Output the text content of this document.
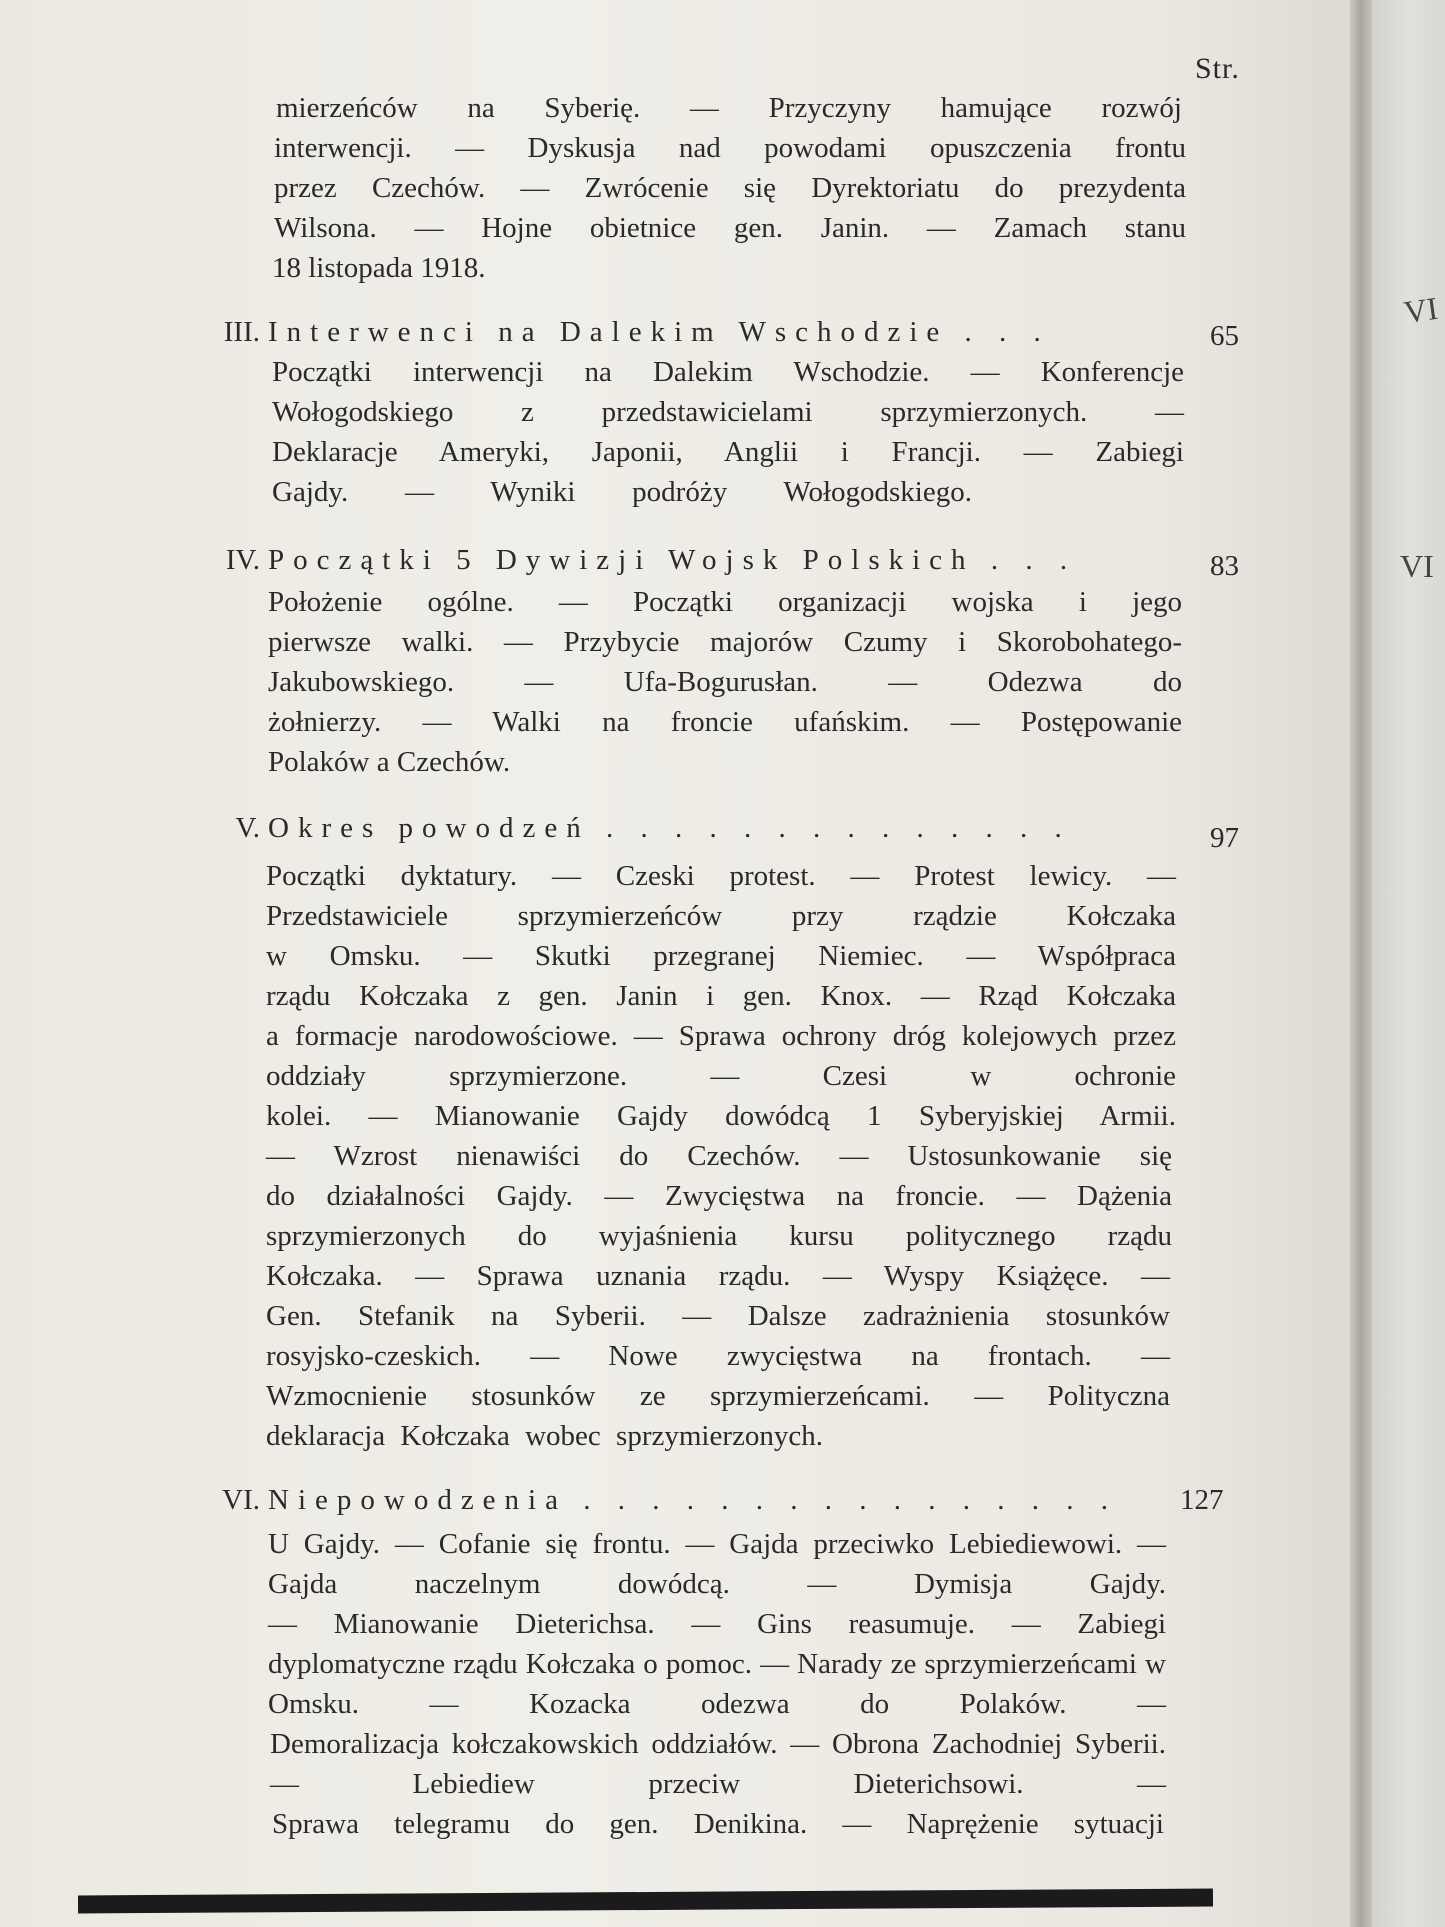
Str.
mierzeńców na Syberię. — Przyczyny hamujące rozwój
interwencji. — Dyskusja nad powodami opuszczenia frontu
przez Czechów. — Zwrócenie się Dyrektoriatu do prezydenta
Wilsona. — Hojne obietnice gen. Janin. — Zamach stanu
18 listopada 1918.
III. Interwenci na Dalekim Wschodzie . . .	65
Początki interwencji na Dalekim Wschodzie. — Konferencje
Wołogodskiego z przedstawicielami sprzymierzonych. —
Deklaracje Ameryki, Japonii, Anglii i Francji. — Zabiegi
Gajdy. — Wyniki podróży Wołogodskiego.
IV. Początki 5 Dywizji Wojsk Polskich . . .	83
Położenie ogólne. — Początki organizacji wojska i jego
pierwsze walki. — Przybycie majorów Czumy i Skorobohatego-Jakubowskiego. — Ufa-Bogurusłan. — Odezwa do
żołnierzy. — Walki na froncie ufańskim. — Postępowanie
Polaków a Czechów.
V. Okres powodzeń . . . . . . . . . . . . . .	97
Początki dyktatury. — Czeski protest. — Protest lewicy. —
Przedstawiciele sprzymierzeńców przy rządzie Kołczaka
w Omsku. — Skutki przegranej Niemiec. — Współpraca
rządu Kołczaka z gen. Janin i gen. Knox. — Rząd Kołczaka
a formacje narodowościowe. — Sprawa ochrony dróg kolejowych przez oddziały sprzymierzone. — Czesi w ochronie
kolei. — Mianowanie Gajdy dowódcą 1 Syberyjskiej Armii.
— Wzrost nienawiści do Czechów. — Ustosunkowanie się
do działalności Gajdy. — Zwycięstwa na froncie. — Dążenia
sprzymierzonych do wyjaśnienia kursu politycznego rządu
Kołczaka. — Sprawa uznania rządu. — Wyspy Książęce. —
Gen. Stefanik na Syberii. — Dalsze zadrażnienia stosunków
rosyjsko-czeskich. — Nowe zwycięstwa na frontach. —
Wzmocnienie stosunków ze sprzymierzeńcami. — Polityczna
deklaracja Kołczaka wobec sprzymierzonych.
VI. Niepowodzenia . . . . . . . . . . . . . . . .	127
U Gajdy. — Cofanie się frontu. — Gajda przeciwko Lebiediewowi. — Gajda naczelnym dowódcą. — Dymisja Gajdy.
— Mianowanie Dieterichsa. — Gins reasumuje. — Zabiegi
dyplomatyczne rządu Kołczaka o pomoc. — Narady ze sprzymierzeńcami w Omsku. — Kozacka odezwa do Polaków. —
Demoralizacja kołczakowskich oddziałów. — Obrona Zachodniej Syberii. — Lebiediew przeciw Dieterichsowi. —
Sprawa telegramu do gen. Denikina. — Naprężenie sytuacji
VI
VI
